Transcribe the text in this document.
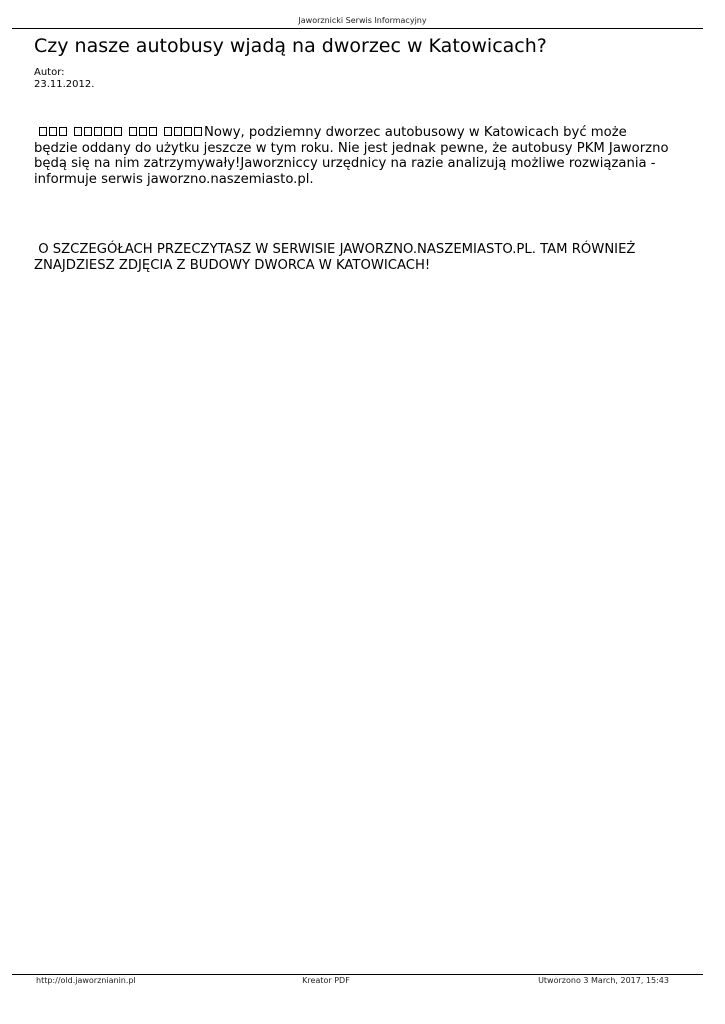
Jaworznicki Serwis Informacyjny
Czy nasze autobusy wjadą na dworzec w Katowicach?
Autor:
23.11.2012.

Nowy, podziemny dworzec autobusowy w Katowicach być może będzie oddany do użytku jeszcze w tym roku. Nie jest jednak pewne, że autobusy PKM Jaworzno będą się na nim zatrzymywały!Jaworzniccy urzędnicy na razie analizują możliwe rozwiązania - informuje serwis jaworzno.naszemiasto.pl.

O SZCZEGÓŁACH PRZECZYTASZ W SERWISIE JAWORZNO.NASZEMIASTO.PL. TAM RÓWNIEŻ ZNAJDZIESZ ZDJĘCIA Z BUDOWY DWORCA W KATOWICACH!

http://old.jaworznianin.pl	Kreator PDF	Utworzono 3 March, 2017, 15:43
